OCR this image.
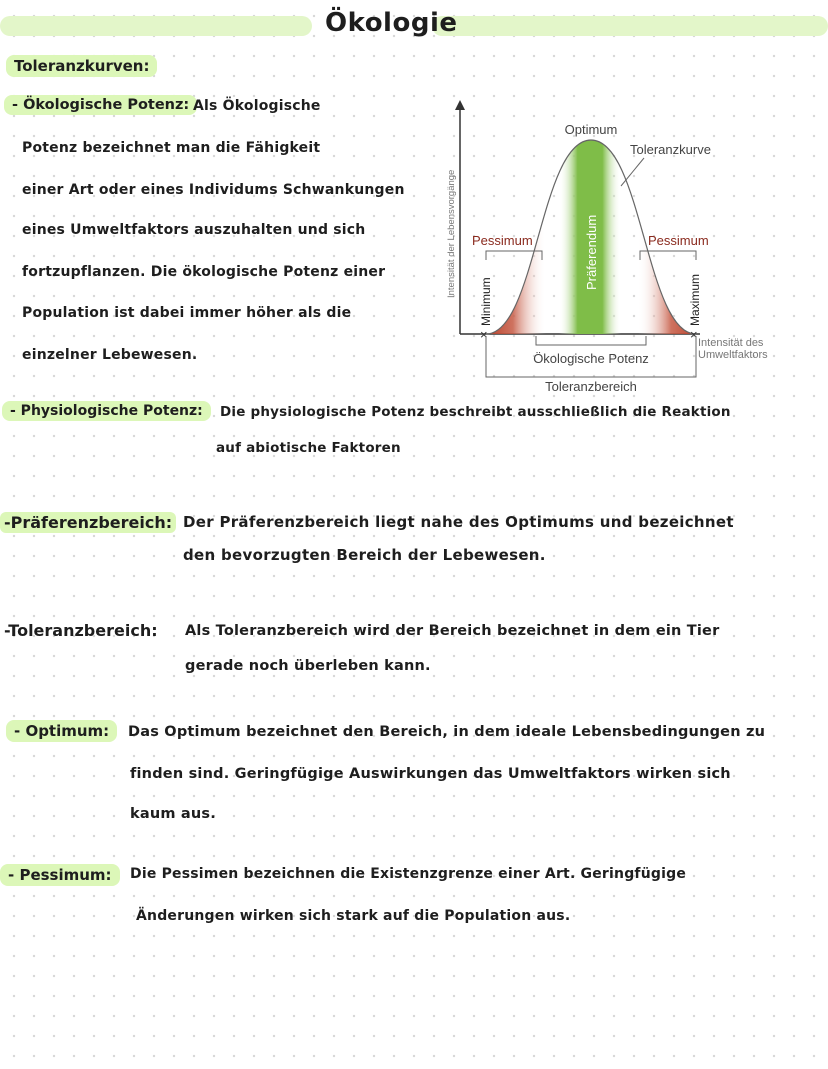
Ökologie
Toleranzkurven:
- Ökologische Potenz: Als Ökologische
Potenz bezeichnet man die Fähigkeit
einer Art oder eines Individums Schwankungen
eines Umweltfaktors auszuhalten und sich
fortzupflanzen. Die ökologische Potenz einer
Population ist dabei immer höher als die
einzelner Lebewesen.
×	×
Optimum
Toleranzkurve
Intensität der Lebensvorgänge Pessimum	Pessimum
Präferendum
Minimum	Maximum
Intensität des
Umweltfaktors
Ökologische Potenz
Toleranzbereich
- Physiologische Potenz:	Die physiologische Potenz beschreibt ausschließlich die Reaktion
auf abiotische Faktoren
-Präferenzbereich: Der Präferenzbereich liegt nahe des Optimums und bezeichnet
den bevorzugten Bereich der Lebewesen.
-Toleranzbereich: Als Toleranzbereich wird der Bereich bezeichnet in dem ein Tier
gerade noch überleben kann.
- Optimum:	Das Optimum bezeichnet den Bereich, in dem ideale Lebensbedingungen zu
finden sind. Geringfügige Auswirkungen das Umweltfaktors wirken sich
kaum aus.
- Pessimum:	Die Pessimen bezeichnen die Existenzgrenze einer Art. Geringfügige
Änderungen wirken sich stark auf die Population aus.
